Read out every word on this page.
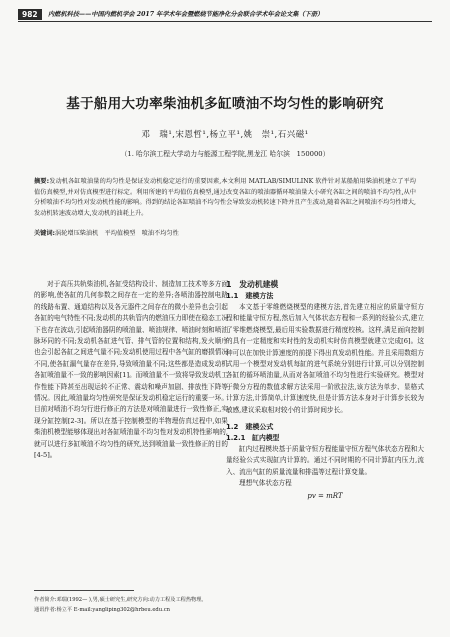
982	内燃机科技——中国内燃机学会 2017 年学术年会暨燃烧节能净化分会联合学术年会论文集（下册）
基于船用大功率柴油机多缸喷油不均匀性的影响研究
邓　瑞¹,宋恩哲¹,杨立平¹,姚　崇¹,石兴磁¹
（1. 哈尔滨工程大学动力与能源工程学院,黑龙江 哈尔滨　150000）
摘要:发动机各缸喷油量的均匀性是保证发动机稳定运行的重要因素,本文利用 MATLAB/SIMULINK 软件针对某船舶用柴油机建立了平均值仿真模型,并对仿真模型进行标定。利用所建的平均值仿真模型,通过改变各缸的喷油器循环喷油量大小研究各缸之间的喷油不均匀性,从中分析喷油不均匀性对发动机性能的影响。得到的结论各缸喷油不均匀性会导致发动机转速下降并且产生波动,随着各缸之间喷油不均匀性增大,发动机转速波动增大,发动机的油耗上升。
关键词:涡轮增压柴油机　平均值模型　喷油不均匀性

对于高压共轨柴油机,各缸受结构设计、制造加工技术等多方面的影响,使各缸的几何参数之间存在一定的差异;各喷油器控制电路的线路布置、通道结构以及各元器件之间存在的微小差异也会引起各缸的电气特性不同;发动机的共轨管内的燃油压力即使在稳态工况下也存在波动,引起喷油器阴的喷油量、喷油规律、喷油时刻和喷油脉环同的不同;发动机各缸进气管、排气管的位置和结构,发火顺序也会引起各缸之间进气量不同;发动机使用过程中各气缸的磨损情况不同,使各缸漏气量存在差异,导致喷油量不同;这些都是造成发动机各缸喷油量不一致的影响因素[1]。而喷油量不一致将导致发动机工作性能下降甚至出现运转不正常、震动和噪声加剧、排放性下降等情况。因此,喷油量均匀性研究是保证发动机稳定运行的重要一环。目前对喷油不均匀行进行修正的方法是对喷油量进行一致性修正,实现分缸控制[2-3]。所以在基于控制模型的半物理仿真过程中,如果柴油机模型能够体现出对各缸喷油量不均匀性对发动机特性影响的,就可以进行多缸喷油不均匀性的研究,达到喷油量一致性修正的目的[4-5]。

1　发动机建模

1.1　建模方法

本文基于零维燃烧模型的建模方法,首先建立相应的质量守恒方程和能量守恒方程,然后加入气体状态方程和一系列的经验公式,建立了零维燃烧模型,最后用实验数据进行精度校核。这样,满足面向控制的具有一定精度和实时性的发动机实时仿真模型就建立完成[6]。这种可以在加快计算速度的前提下得出真发动机性能。并且采用数组方式用一个模型对发动机每缸的进气系统分别进行计算,可以分别控制各缸的循环喷油量,从而对各缸喷油不均匀性进行实验研究。模型对于微分方程的数值求解方法采用一阶欧拉法,该方法为单步、显格式计算方法,计算简单,计算速度快,但是计算方法本身对于计算步长较为敏感,建议采取相对较小的计算时间步长。

1.2　建模公式

1.2.1　缸内模型

缸内过程模块基于质量守恒方程能量守恒方程气体状态方程和大量经验公式实现缸内计算的。通过不同时期的不同计算缸内压力,流入、流出气缸的质量流量和排温等过程计算变量。

理想气体状态方程

pv = mRT

作者简介:邓瑞(1992— ),男,硕士研究生,研究方向:动力工程及工程热物理。
通讯作者:杨立平 E-mail:yangliping302@hrbeu.edu.cn
